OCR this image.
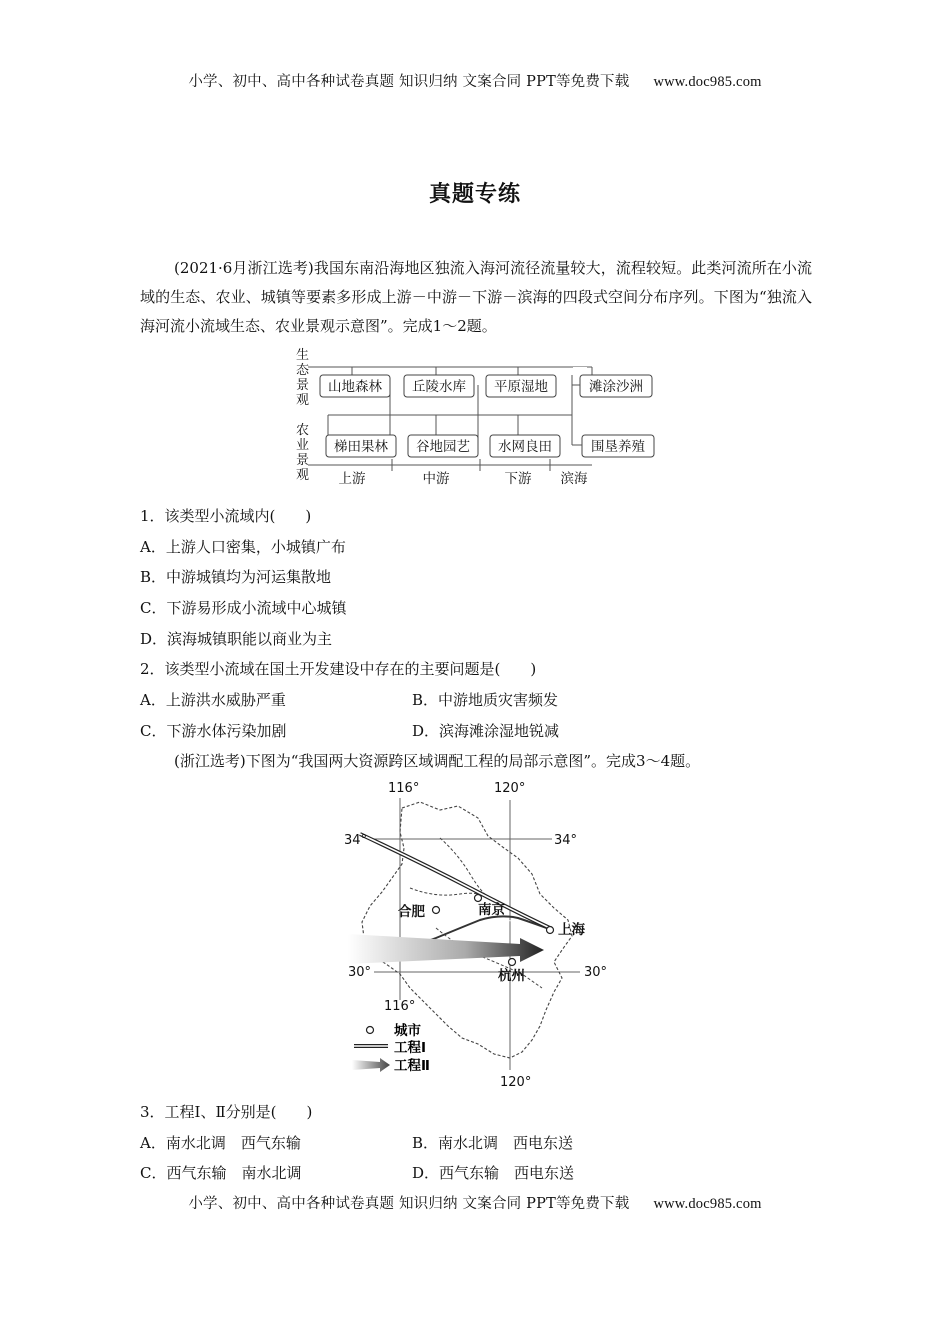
小学、初中、高中各种试卷真题 知识归纳 文案合同 PPT等免费下载 www.doc985.com
真题专练

(2021·6月浙江选考)我国东南沿海地区独流入海河流径流量较大，流程较短。此类河流所在小流域的生态、农业、城镇等要素多形成上游－中游－下游－滨海的四段式空间分布序列。下图为“独流入海河流小流域生态、农业景观示意图”。完成1～2题。

山地森林 丘陵水库 平原湿地	滩涂沙洲
梯田果林 谷地园艺 水网良田	围垦养殖
上游	中游	下游 滨海
生态景观
农业景观
1．该类型小流域内(　　)
A．上游人口密集，小城镇广布
B．中游城镇均为河运集散地
C．下游易形成小流域中心城镇
D．滨海城镇职能以商业为主
2．该类型小流域在国土开发建设中存在的主要问题是(　　)
A．上游洪水威胁严重	B．中游地质灾害频发
C．下游水体污染加剧	D．滨海滩涂湿地锐减
(浙江选考)下图为“我国两大资源跨区域调配工程的局部示意图”。完成3～4题。
合肥	南京
上海
杭州
116°	120°
34°	34°
30°	30°
116°
120°
城市
工程Ⅰ
工程Ⅱ
3．工程Ⅰ、Ⅱ分别是(　　)
A．南水北调　西气东输	B．南水北调　西电东送
C．西气东输　南水北调	D．西气东输　西电东送
小学、初中、高中各种试卷真题 知识归纳 文案合同 PPT等免费下载 www.doc985.com
